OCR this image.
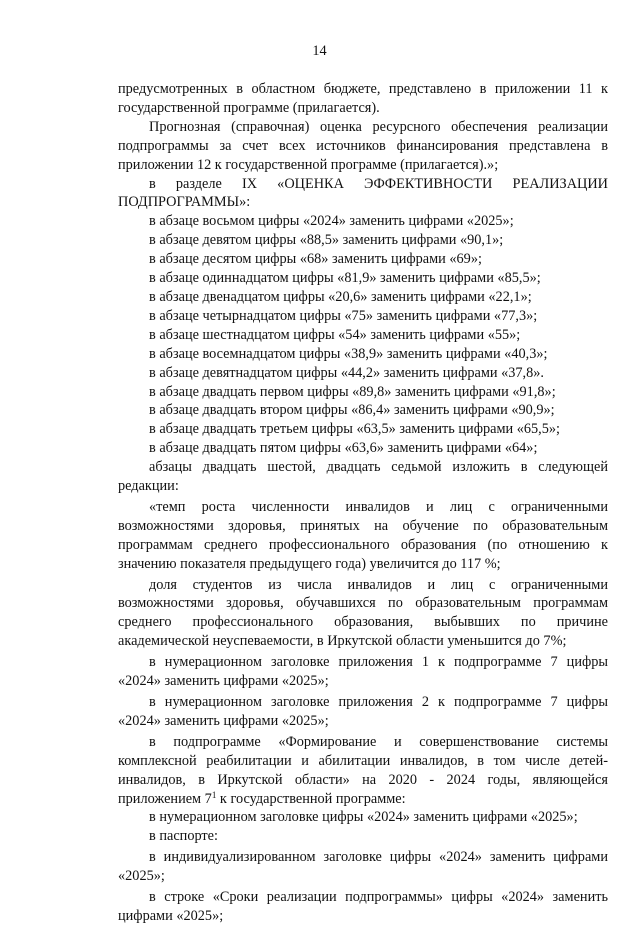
14

предусмотренных в областном бюджете, представлено в приложении 11 к государственной программе (прилагается).

Прогнозная (справочная) оценка ресурсного обеспечения реализации подпрограммы за счет всех источников финансирования представлена в приложении 12 к государственной программе (прилагается).»;

в разделе IX «ОЦЕНКА ЭФФЕКТИВНОСТИ РЕАЛИЗАЦИИ ПОДПРОГРАММЫ»:

в абзаце восьмом цифры «2024» заменить цифрами «2025»;

в абзаце девятом цифры «88,5» заменить цифрами «90,1»;

в абзаце десятом цифры «68» заменить цифрами «69»;

в абзаце одиннадцатом цифры «81,9» заменить цифрами «85,5»;

в абзаце двенадцатом цифры «20,6» заменить цифрами «22,1»;

в абзаце четырнадцатом цифры «75» заменить цифрами «77,3»;

в абзаце шестнадцатом цифры «54» заменить цифрами «55»;

в абзаце восемнадцатом цифры «38,9» заменить цифрами «40,3»;

в абзаце девятнадцатом цифры «44,2» заменить цифрами «37,8».

в абзаце двадцать первом цифры «89,8» заменить цифрами «91,8»;

в абзаце двадцать втором цифры «86,4» заменить цифрами «90,9»;

в абзаце двадцать третьем цифры «63,5» заменить цифрами «65,5»;

в абзаце двадцать пятом цифры «63,6» заменить цифрами «64»;

абзацы двадцать шестой, двадцать седьмой изложить в следующей редакции:

«темп роста численности инвалидов и лиц с ограниченными возможностями здоровья, принятых на обучение по образовательным программам среднего профессионального образования (по отношению к значению показателя предыдущего года) увеличится до 117 %;

доля студентов из числа инвалидов и лиц с ограниченными возможностями здоровья, обучавшихся по образовательным программам среднего профессионального образования, выбывших по причине академической неуспеваемости, в Иркутской области уменьшится до 7%;

в нумерационном заголовке приложения 1 к подпрограмме 7 цифры «2024» заменить цифрами «2025»;

в нумерационном заголовке приложения 2 к подпрограмме 7 цифры «2024» заменить цифрами «2025»;

в подпрограмме «Формирование и совершенствование системы комплексной реабилитации и абилитации инвалидов, в том числе детей-инвалидов, в Иркутской области» на 2020 - 2024 годы, являющейся приложением $7^1$ к государственной программе:

в нумерационном заголовке цифры «2024» заменить цифрами «2025»;

в паспорте:

в индивидуализированном заголовке цифры «2024» заменить цифрами «2025»;

в строке «Сроки реализации подпрограммы» цифры «2024» заменить цифрами «2025»;
